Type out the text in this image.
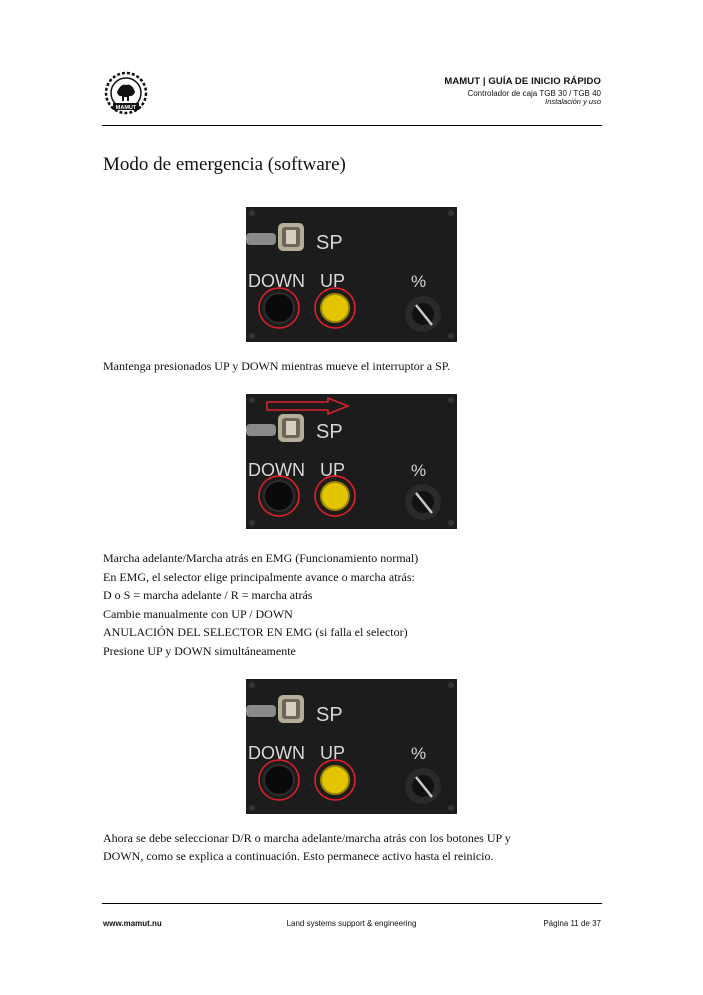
MAMUT
MAMUT | GUÍA DE INICIO RÁPIDO
Controlador de caja TGB 30 / TGB 40
Instalación y uso
Modo de emergencia (software)
SP
DOWN UP	%

Mantenga presionados UP y DOWN mientras mueve el interruptor a SP.

SP
DOWN UP	%

Marcha adelante/Marcha atrás en EMG (Funcionamiento normal)

En EMG, el selector elige principalmente avance o marcha atrás:

D o S = marcha adelante / R = marcha atrás

Cambie manualmente con UP / DOWN

ANULACIÓN DEL SELECTOR EN EMG (si falla el selector)

Presione UP y DOWN simultáneamente

SP
DOWN UP	%

Ahora se debe seleccionar D/R o marcha adelante/marcha atrás con los botones UP y

DOWN, como se explica a continuación. Esto permanece activo hasta el reinicio.

www.mamut.nu	Land systems support & engineering	Página 11 de 37
